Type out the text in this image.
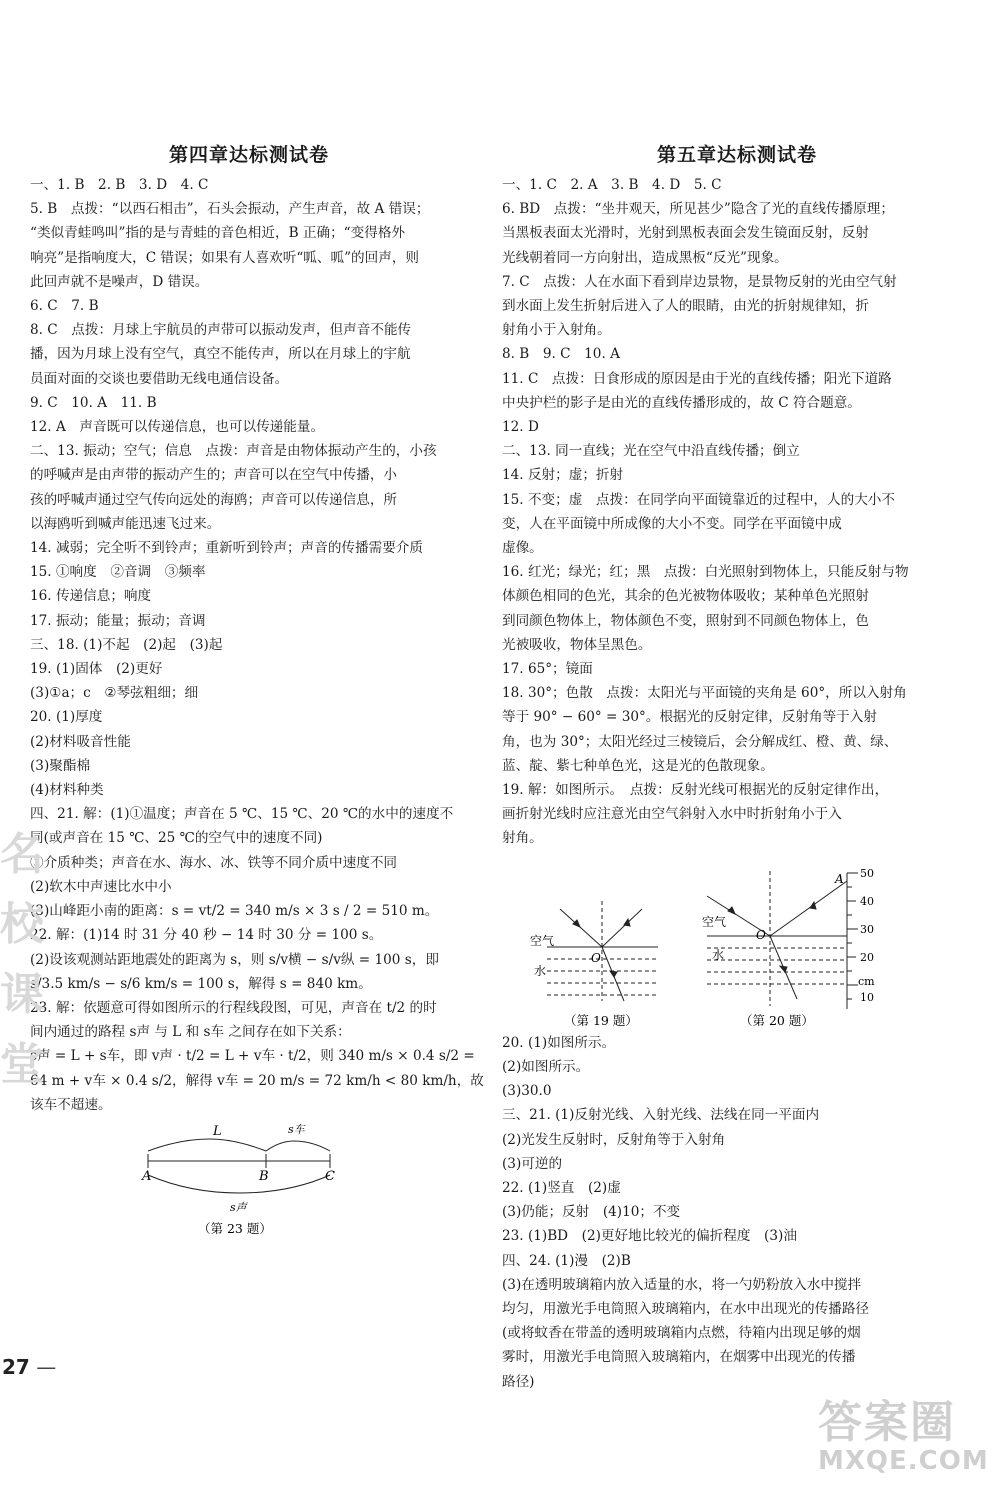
第四章达标测试卷
一、1. B　2. B　3. D　4. C
5. B　点拨：“以西石相击”，石头会振动，产生声音，故 A 错误；
“类似青蛙鸣叫”指的是与青蛙的音色相近，B 正确；“变得格外
响亮”是指响度大，C 错误；如果有人喜欢听“呱、呱”的回声，则
此回声就不是噪声，D 错误。
6. C　7. B
8. C　点拨：月球上宇航员的声带可以振动发声，但声音不能传
播，因为月球上没有空气，真空不能传声，所以在月球上的宇航
员面对面的交谈也要借助无线电通信设备。
9. C　10. A　11. B
12. A　声音既可以传递信息，也可以传递能量。
二、13. 振动；空气；信息　点拨：声音是由物体振动产生的，小孩
的呼喊声是由声带的振动产生的；声音可以在空气中传播，小
孩的呼喊声通过空气传向远处的海鸥；声音可以传递信息，所
以海鸥听到喊声能迅速飞过来。
14. 减弱；完全听不到铃声；重新听到铃声；声音的传播需要介质
15. ①响度　②音调　③频率
16. 传递信息；响度
17. 振动；能量；振动；音调
三、18. (1)不起　(2)起　(3)起
19. (1)固体　(2)更好
(3)①a；c　②琴弦粗细；细
20. (1)厚度
(2)材料吸音性能
(3)聚酯棉
(4)材料种类
四、21. 解：(1)①温度；声音在 5 ℃、15 ℃、20 ℃的水中的速度不
同(或声音在 15 ℃、25 ℃的空气中的速度不同)
②介质种类；声音在水、海水、冰、铁等不同介质中速度不同
(2)软木中声速比水中小
(3)山峰距小南的距离：s = vt/2 = 340 m/s × 3 s / 2 = 510 m。
22. 解：(1)14 时 31 分 40 秒 − 14 时 30 分 = 100 s。
(2)设该观测站距地震处的距离为 s，则 s/v横 − s/v纵 = 100 s，即
s/3.5 km/s − s/6 km/s = 100 s，解得 s = 840 km。
23. 解：依题意可得如图所示的行程线段图，可见，声音在 t/2 的时
间内通过的路程 s声 与 L 和 s车 之间存在如下关系：
s声 = L + s车，即 v声 · t/2 = L + v车 · t/2，则 340 m/s × 0.4 s/2 =
64 m + v车 × 0.4 s/2，解得 v车 = 20 m/s = 72 km/h < 80 km/h，故
该车不超速。
L	s车
A	B	C
s声
（第 23 题）
第五章达标测试卷
一、1. C　2. A　3. B　4. D　5. C
6. BD　点拨：“坐井观天，所见甚少”隐含了光的直线传播原理；
当黑板表面太光滑时，光射到黑板表面会发生镜面反射，反射
光线朝着同一方向射出，造成黑板“反光”现象。
7. C　点拨：人在水面下看到岸边景物，是景物反射的光由空气射
到水面上发生折射后进入了人的眼睛，由光的折射规律知，折
射角小于入射角。
8. B　9. C　10. A
11. C　点拨：日食形成的原因是由于光的直线传播；阳光下道路
中央护栏的影子是由光的直线传播形成的，故 C 符合题意。
12. D
二、13. 同一直线；光在空气中沿直线传播；倒立
14. 反射；虚；折射
15. 不变；虚　点拨：在同学向平面镜靠近的过程中，人的大小不
变，人在平面镜中所成像的大小不变。同学在平面镜中成
虚像。
16. 红光；绿光；红；黑　点拨：白光照射到物体上，只能反射与物
体颜色相同的色光，其余的色光被物体吸收；某种单色光照射
到同颜色物体上，物体颜色不变，照射到不同颜色物体上，色
光被吸收，物体呈黑色。
17. 65°；镜面
18. 30°；色散　点拨：太阳光与平面镜的夹角是 60°，所以入射角
等于 90° − 60° = 30°。根据光的反射定律，反射角等于入射
角，也为 30°；太阳光经过三棱镜后，会分解成红、橙、黄、绿、
蓝、靛、紫七种单色光，这是光的色散现象。
19. 解：如图所示。　点拨：反射光线可根据光的反射定律作出，
画折射光线时应注意光由空气斜射入水中时折射角小于入
射角。
空气
O
水
（第 19 题）
空气
O
水
A 50
40
30
20
cm
10
（第 20 题）
20. (1)如图所示。
(2)如图所示。
(3)30.0
三、21. (1)反射光线、入射光线、法线在同一平面内
(2)光发生反射时，反射角等于入射角
(3)可逆的
22. (1)竖直　(2)虚
(3)仍能；反射　(4)10；不变
23. (1)BD　(2)更好地比较光的偏折程度　(3)油
四、24. (1)漫　(2)B
(3)在透明玻璃箱内放入适量的水，将一勺奶粉放入水中搅拌
均匀，用激光手电筒照入玻璃箱内，在水中出现光的传播路径
(或将蚊香在带盖的透明玻璃箱内点燃，待箱内出现足够的烟
雾时，用激光手电筒照入玻璃箱内，在烟雾中出现光的传播
路径)
名校课堂
27 —
答案圈
MXQE.COM
